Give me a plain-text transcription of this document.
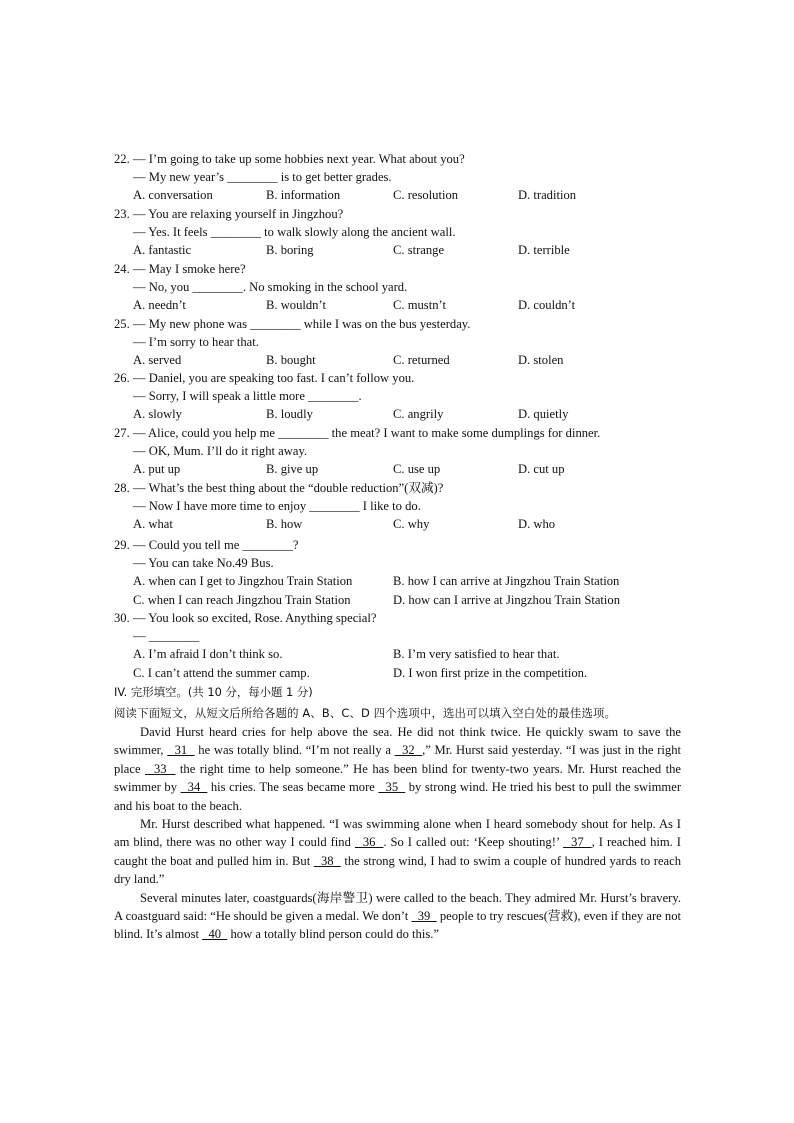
22. — I’m going to take up some hobbies next year. What about you?
— My new year’s ________ is to get better grades.
A. conversation	B. information	C. resolution	D. tradition
23. — You are relaxing yourself in Jingzhou?
— Yes. It feels ________ to walk slowly along the ancient wall.
A. fantastic	B. boring	C. strange	D. terrible
24. — May I smoke here?
— No, you ________. No smoking in the school yard.
A. needn’t	B. wouldn’t	C. mustn’t	D. couldn’t
25. — My new phone was ________ while I was on the bus yesterday.
— I’m sorry to hear that.
A. served	B. bought	C. returned	D. stolen
26. — Daniel, you are speaking too fast. I can’t follow you.
— Sorry, I will speak a little more ________.
A. slowly	B. loudly	C. angrily	D. quietly
27. — Alice, could you help me ________ the meat? I want to make some dumplings for dinner.
— OK, Mum. I’ll do it right away.
A. put up	B. give up	C. use up	D. cut up
28. — What’s the best thing about the “double reduction”(双减)?
— Now I have more time to enjoy ________ I like to do.
A. what	B. how	C. why	D. who
29. — Could you tell me ________?
— You can take No.49 Bus.
A. when can I get to Jingzhou Train Station	B. how I can arrive at Jingzhou Train Station
C. when I can reach Jingzhou Train Station	D. how can I arrive at Jingzhou Train Station
30. — You look so excited, Rose. Anything special?
— ________
A. I’m afraid I don’t think so.	B. I’m very satisfied to hear that.
C. I can’t attend the summer camp.	D. I won first prize in the competition.
IV. 完形填空。(共 10 分，每小题 1 分)
阅读下面短文，从短文后所给各题的 A、B、C、D 四个选项中，选出可以填入空白处的最佳选项。

David Hurst heard cries for help above the sea. He did not think twice. He quickly swam to save the swimmer,   31   he was totally blind. “I’m not really a   32  ,” Mr. Hurst said yesterday. “I was just in the right place   33   the right time to help someone.” He has been blind for twenty-two years. Mr. Hurst reached the swimmer by   34   his cries. The seas became more   35   by strong wind. He tried his best to pull the swimmer and his boat to the beach.

Mr. Hurst described what happened. “I was swimming alone when I heard somebody shout for help. As I am blind, there was no other way I could find   36  . So I called out: ‘Keep shouting!’   37  , I reached him. I caught the boat and pulled him in. But   38   the strong wind, I had to swim a couple of hundred yards to reach dry land.”

Several minutes later, coastguards(海岸警卫) were called to the beach. They admired Mr. Hurst’s bravery. A coastguard said: “He should be given a medal. We don’t   39   people to try rescues(营救), even if they are not blind. It’s almost   40   how a totally blind person could do this.”
